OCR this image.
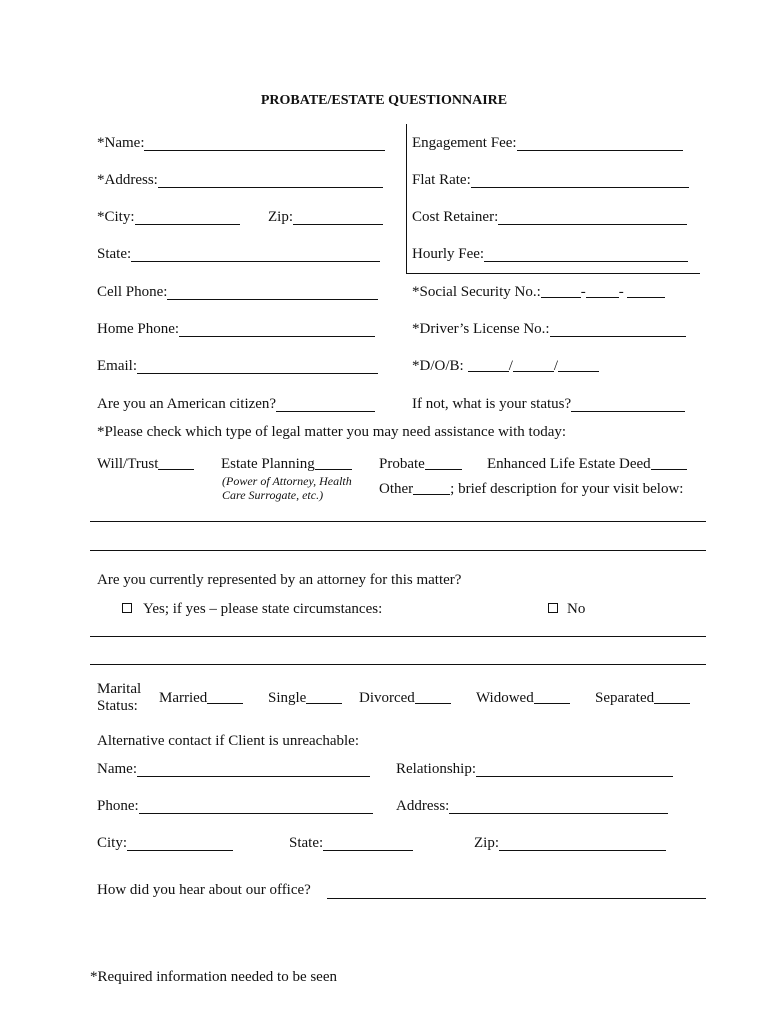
PROBATE/ESTATE QUESTIONNAIRE
*Name:
*Address:
*City:	Zip:
State:
Cell Phone:
Home Phone:
Email:
Are you an American citizen?
Engagement Fee:
Flat Rate:
Cost Retainer:
Hourly Fee:
*Social Security No.:	- -
*Driver’s License No.:
*D/O/B:	/	/
If not, what is your status?
*Please check which type of legal matter you may need assistance with today:
Will/Trust	Estate Planning	Probate	Enhanced Life Estate Deed
(Power of Attorney, Health
Care Surrogate, etc.)	Other ; brief description for your visit below:
Are you currently represented by an attorney for this matter?
Yes; if yes – please state circumstances:	No
Marital
Status: Married	Single	Divorced	Widowed	Separated
Alternative contact if Client is unreachable:
Name:	Relationship:
Phone:	Address:
City:	State:	Zip:
How did you hear about our office?
*Required information needed to be seen
